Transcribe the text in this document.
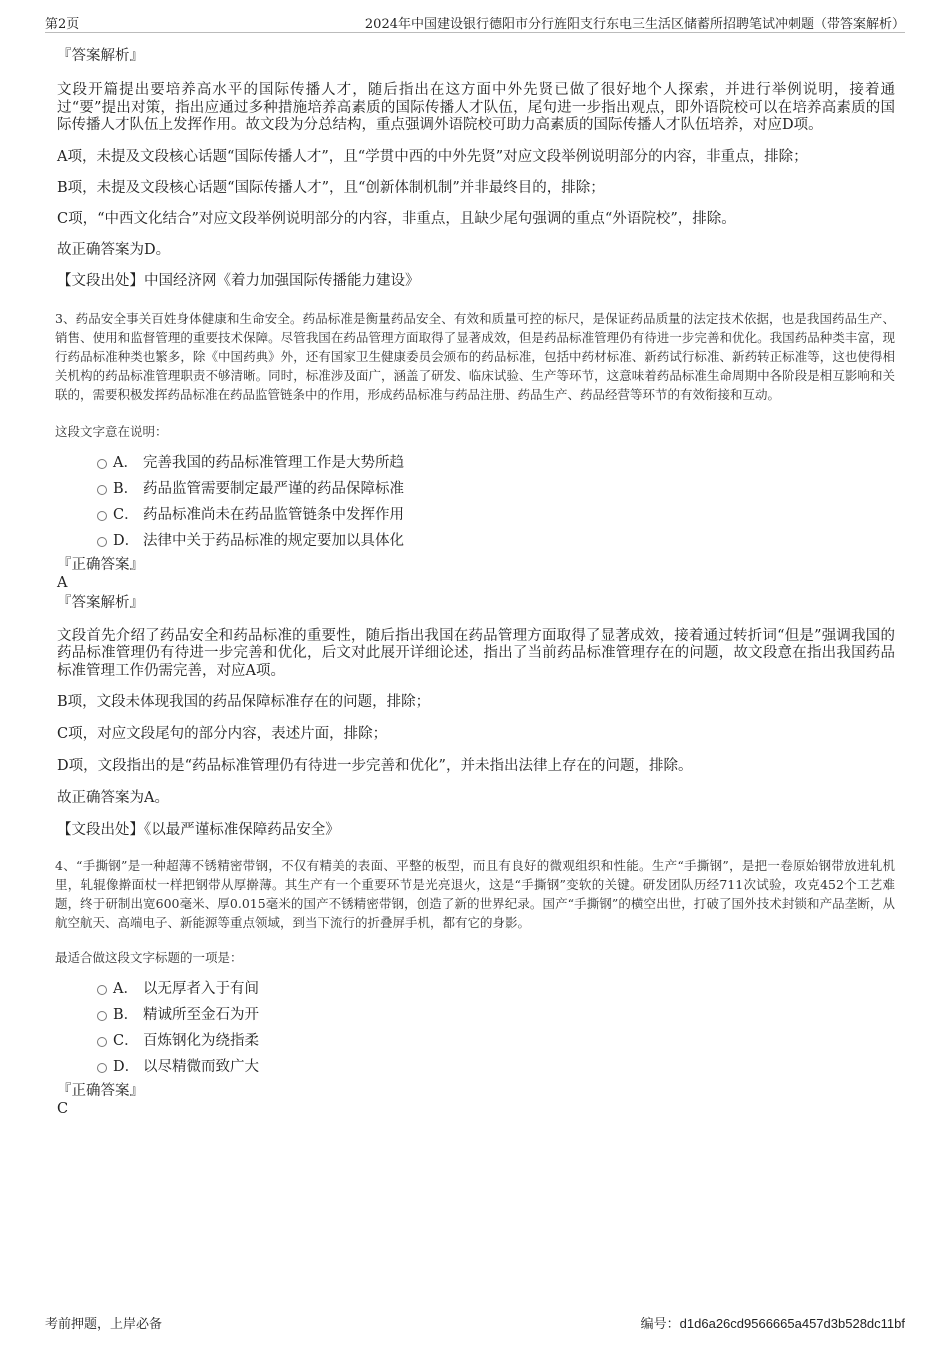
第2页	2024年中国建设银行德阳市分行旌阳支行东电三生活区储蓄所招聘笔试冲刺题（带答案解析）
『答案解析』

文段开篇提出要培养高水平的国际传播人才，随后指出在这方面中外先贤已做了很好地个人探索，并进行举例说明，接着通过“要”提出对策，指出应通过多种措施培养高素质的国际传播人才队伍，尾句进一步指出观点，即外语院校可以在培养高素质的国际传播人才队伍上发挥作用。故文段为分总结构，重点强调外语院校可助力高素质的国际传播人才队伍培养，对应D项。

A项，未提及文段核心话题“国际传播人才”，且“学贯中西的中外先贤”对应文段举例说明部分的内容，非重点，排除；
B项，未提及文段核心话题“国际传播人才”，且“创新体制机制”并非最终目的，排除；
C项，“中西文化结合”对应文段举例说明部分的内容，非重点，且缺少尾句强调的重点“外语院校”，排除。
故正确答案为D。
【文段出处】中国经济网《着力加强国际传播能力建设》

3、药品安全事关百姓身体健康和生命安全。药品标准是衡量药品安全、有效和质量可控的标尺，是保证药品质量的法定技术依据，也是我国药品生产、销售、使用和监督管理的重要技术保障。尽管我国在药品管理方面取得了显著成效，但是药品标准管理仍有待进一步完善和优化。我国药品种类丰富，现行药品标准种类也繁多，除《中国药典》外，还有国家卫生健康委员会颁布的药品标准，包括中药材标准、新药试行标准、新药转正标准等，这也使得相关机构的药品标准管理职责不够清晰。同时，标准涉及面广，涵盖了研发、临床试验、生产等环节，这意味着药品标准生命周期中各阶段是相互影响和关联的，需要积极发挥药品标准在药品监管链条中的作用，形成药品标准与药品注册、药品生产、药品经营等环节的有效衔接和互动。

这段文字意在说明：

A． 完善我国的药品标准管理工作是大势所趋
B． 药品监管需要制定最严谨的药品保障标准
C． 药品标准尚未在药品监管链条中发挥作用
D． 法律中关于药品标准的规定要加以具体化
『正确答案』
A
『答案解析』

文段首先介绍了药品安全和药品标准的重要性，随后指出我国在药品管理方面取得了显著成效，接着通过转折词“但是”强调我国的药品标准管理仍有待进一步完善和优化，后文对此展开详细论述，指出了当前药品标准管理存在的问题，故文段意在指出我国药品标准管理工作仍需完善，对应A项。

B项，文段未体现我国的药品保障标准存在的问题，排除；
C项，对应文段尾句的部分内容，表述片面，排除；
D项，文段指出的是“药品标准管理仍有待进一步完善和优化”，并未指出法律上存在的问题，排除。
故正确答案为A。
【文段出处】《以最严谨标准保障药品安全》

4、“手撕钢”是一种超薄不锈精密带钢，不仅有精美的表面、平整的板型，而且有良好的微观组织和性能。生产“手撕钢”，是把一卷原始钢带放进轧机里，轧辊像擀面杖一样把钢带从厚擀薄。其生产有一个重要环节是光亮退火，这是“手撕钢”变软的关键。研发团队历经711次试验，攻克452个工艺难题，终于研制出宽600毫米、厚0.015毫米的国产不锈精密带钢，创造了新的世界纪录。国产“手撕钢”的横空出世，打破了国外技术封锁和产品垄断，从航空航天、高端电子、新能源等重点领域，到当下流行的折叠屏手机，都有它的身影。

最适合做这段文字标题的一项是：

A． 以无厚者入于有间
B． 精诚所至金石为开
C． 百炼钢化为绕指柔
D． 以尽精微而致广大
『正确答案』
C
考前押题，上岸必备	编号：d1d6a26cd9566665a457d3b528dc11bf
